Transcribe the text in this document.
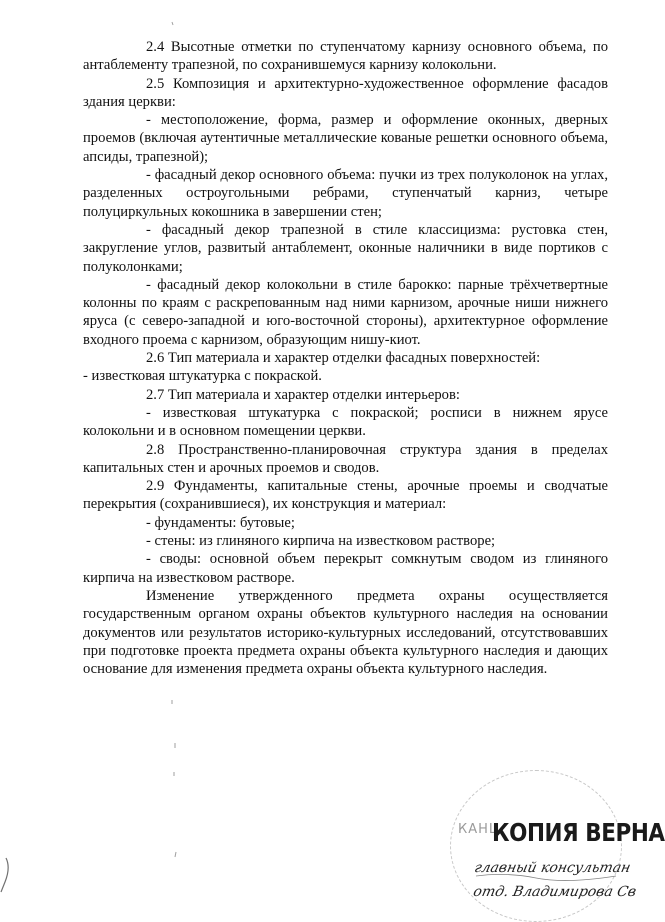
2.4 Высотные отметки по ступенчатому карнизу основного объема, по антаблементу трапезной, по сохранившемуся карнизу колокольни.

2.5 Композиция и архитектурно-художественное оформление фасадов здания церкви:

- местоположение, форма, размер и оформление оконных, дверных проемов (включая аутентичные металлические кованые решетки основного объема, апсиды, трапезной);

- фасадный декор основного объема: пучки из трех полуколонок на углах, разделенных остроугольными ребрами, ступенчатый карниз, четыре полуциркульных кокошника в завершении стен;

- фасадный декор трапезной в стиле классицизма: рустовка стен, закругление углов, развитый антаблемент, оконные наличники в виде портиков с полуколонками;

- фасадный декор колокольни в стиле барокко: парные трёхчетвертные колонны по краям с раскрепованным над ними карнизом, арочные ниши нижнего яруса (с северо-западной и юго-восточной стороны), архитектурное оформление входного проема с карнизом, образующим нишу-киот.

2.6 Тип материала и характер отделки фасадных поверхностей:

- известковая штукатурка с покраской.

2.7 Тип материала и характер отделки интерьеров:

- известковая штукатурка с покраской; росписи в нижнем ярусе колокольни и в основном помещении церкви.

2.8 Пространственно-планировочная структура здания в пределах капитальных стен и арочных проемов и сводов.

2.9 Фундаменты, капитальные стены, арочные проемы и сводчатые перекрытия (сохранившиеся), их конструкция и материал:

- фундаменты: бутовые;

- стены: из глиняного кирпича на известковом растворе;

- своды: основной объем перекрыт сомкнутым сводом из глиняного кирпича на известковом растворе.

Изменение утвержденного предмета охраны осуществляется государственным органом охраны объектов культурного наследия на основании документов или результатов историко-культурных исследований, отсутствовавших при подготовке проекта предмета охраны объекта культурного наследия и дающих основание для изменения предмета охраны объекта культурного наследия.

КАНЦ
КОПИЯ ВЕРНА
главный консультан
отд. Владимирова Св
